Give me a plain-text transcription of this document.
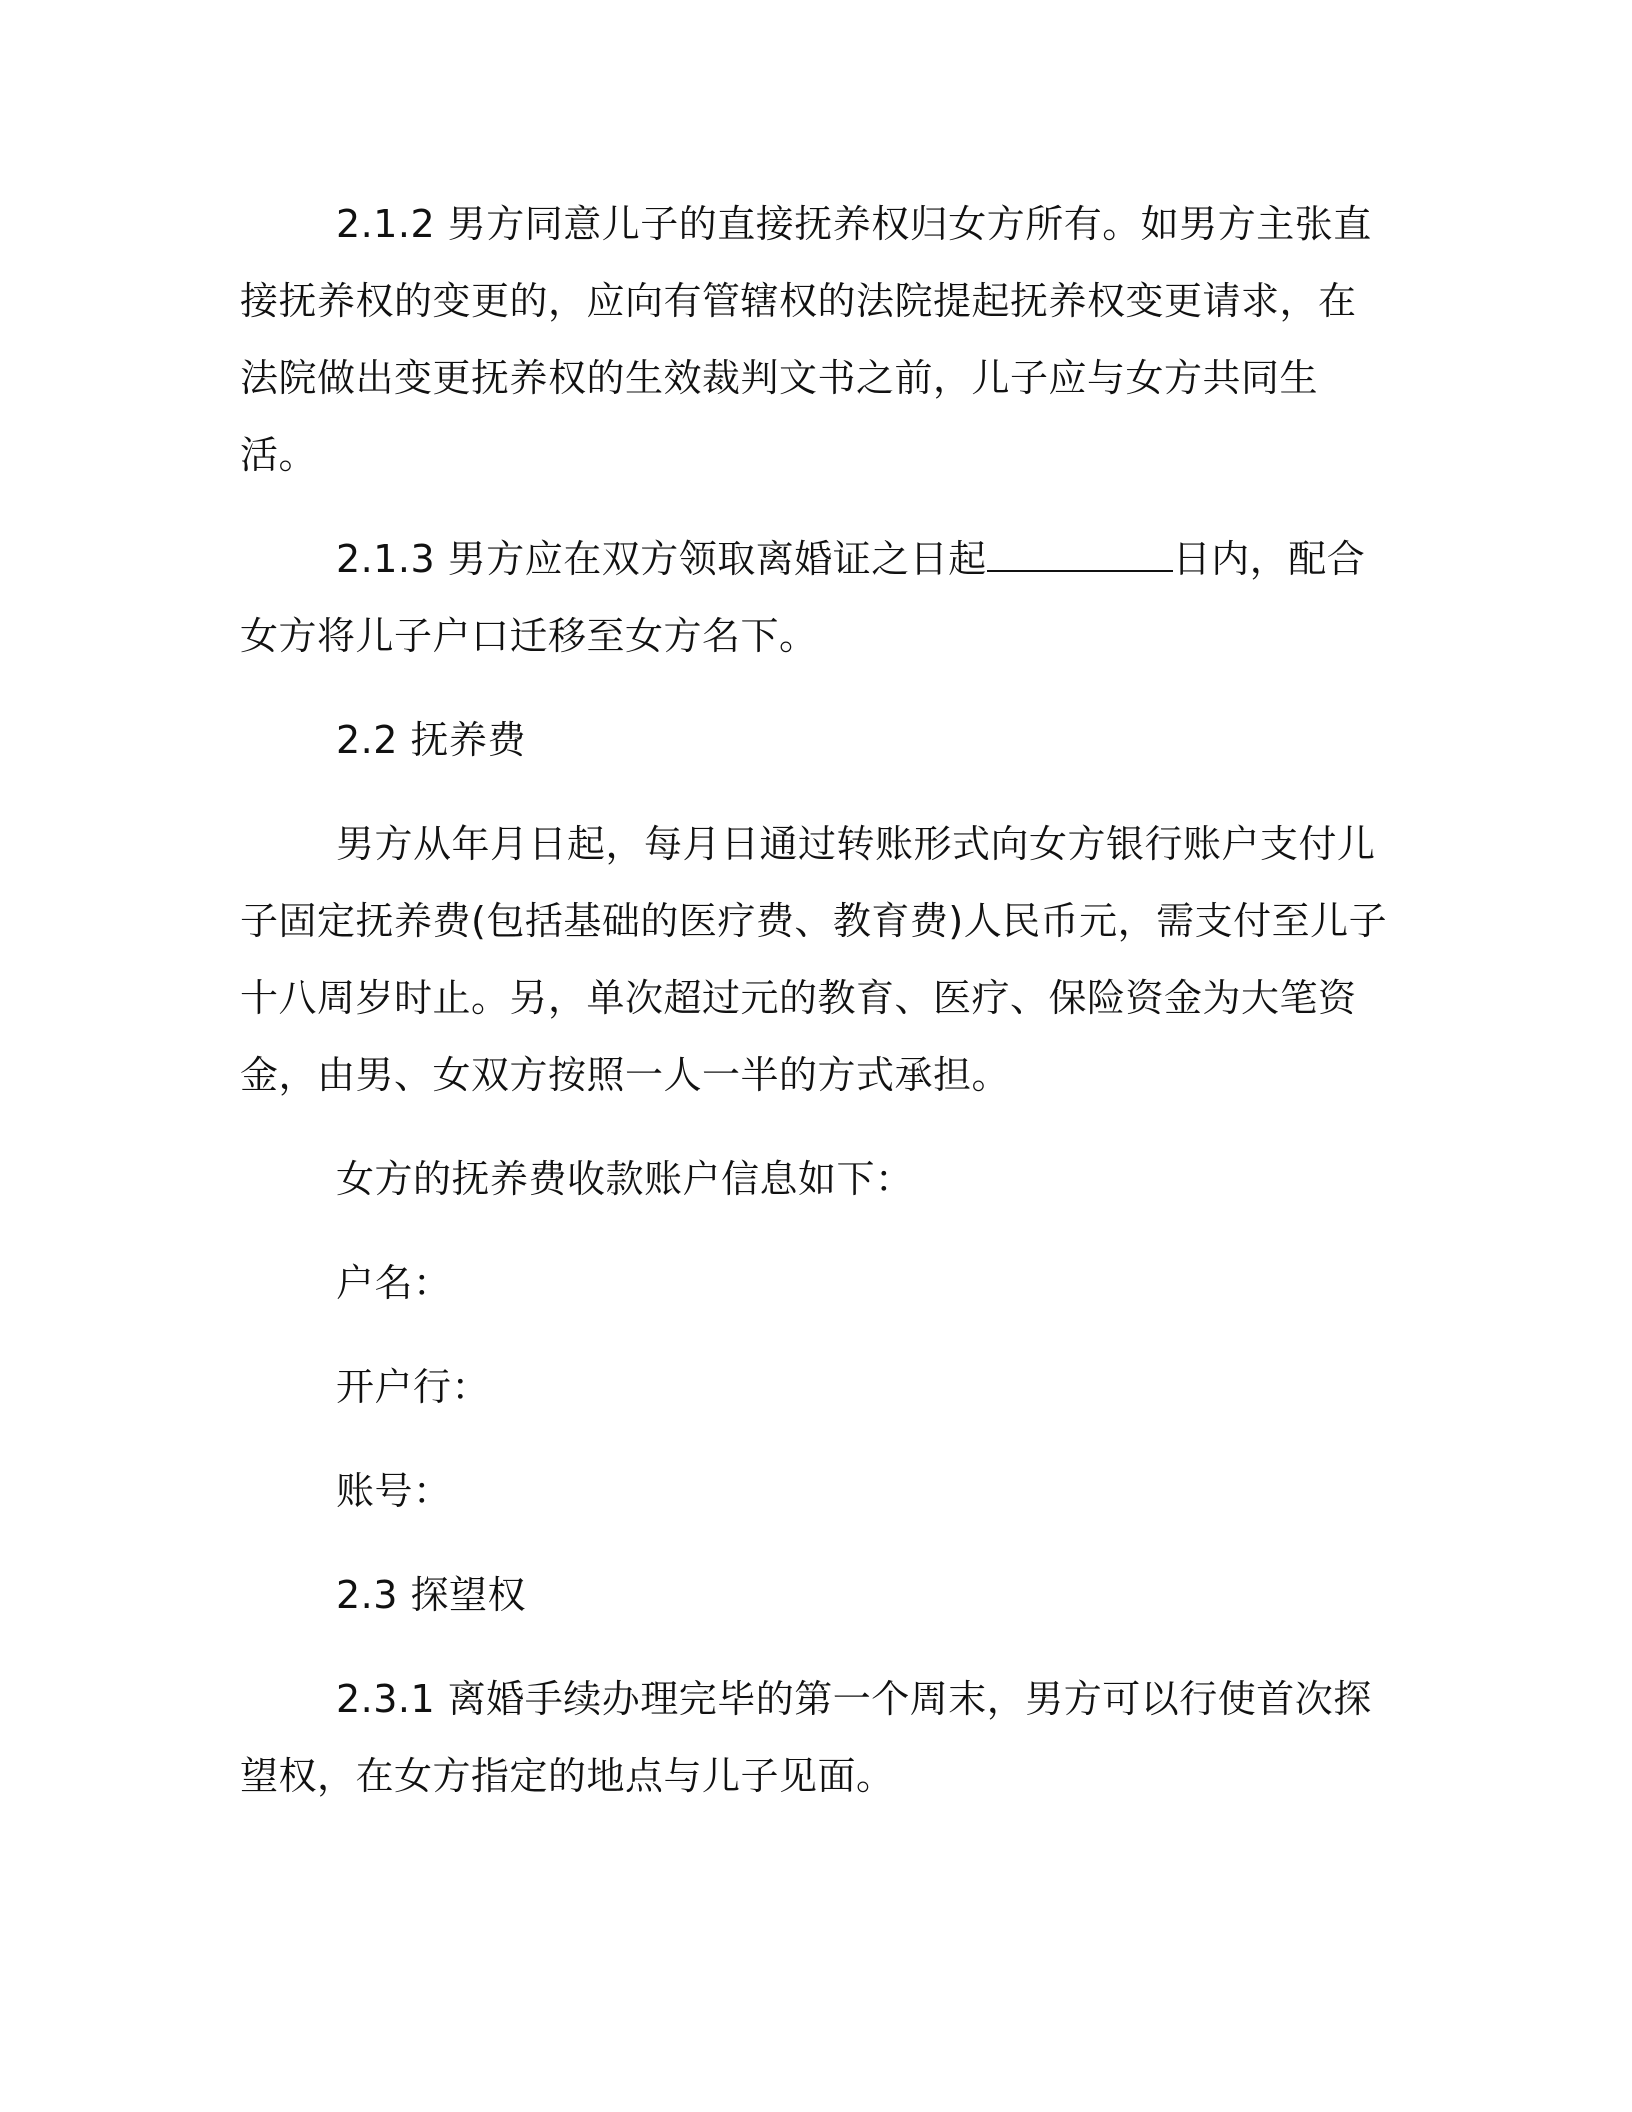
2.1.2 男方同意儿子的直接抚养权归女方所有。如男方主张直接抚养权的变更的，应向有管辖权的法院提起抚养权变更请求，在法院做出变更抚养权的生效裁判文书之前，儿子应与女方共同生活。

2.1.3 男方应在双方领取离婚证之日起	日内，配合女方将儿子户口迁移至女方名下。

2.2 抚养费

男方从年月日起，每月日通过转账形式向女方银行账户支付儿子固定抚养费(包括基础的医疗费、教育费)人民币元，需支付至儿子十八周岁时止。另，单次超过元的教育、医疗、保险资金为大笔资金，由男、女双方按照一人一半的方式承担。

女方的抚养费收款账户信息如下：

户名：

开户行：

账号：

2.3 探望权

2.3.1 离婚手续办理完毕的第一个周末，男方可以行使首次探望权，在女方指定的地点与儿子见面。
